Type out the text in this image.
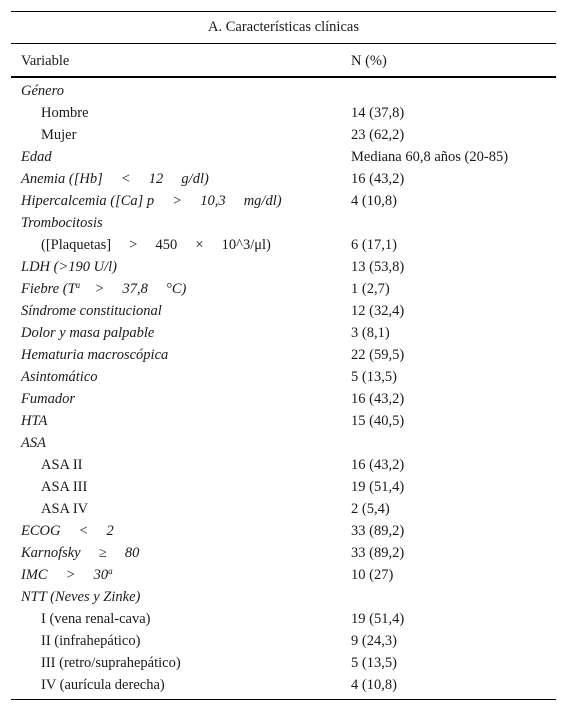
A. Características clínicas
Variable	N (%)
Género
Hombre	14 (37,8)
Mujer	23 (62,2)
Edad	Mediana 60,8 años (20-85)
Anemia ([Hb]     <     12     g/dl)	16 (43,2)
Hipercalcemia ([Ca] p     >     10,3     mg/dl)	4 (10,8)
Trombocitosis
([Plaquetas]     >     450     ×     10^3/μl)	6 (17,1)
LDH (>190 U/l)	13 (53,8)
Fiebre ($T^a$    >     37,8     °C)	1 (2,7)
Síndrome constitucional	12 (32,4)
Dolor y masa palpable	3 (8,1)
Hematuria macroscópica	22 (59,5)
Asintomático	5 (13,5)
Fumador	16 (43,2)
HTA	15 (40,5)
ASA
ASA II	16 (43,2)
ASA III	19 (51,4)
ASA IV	2 (5,4)
ECOG     <     2	33 (89,2)
Karnofsky     ≥     80	33 (89,2)
IMC     >     30$^a$	10 (27)
NTT (Neves y Zinke)
I (vena renal-cava)	19 (51,4)
II (infrahepático)	9 (24,3)
III (retro/suprahepático)	5 (13,5)
IV (aurícula derecha)	4 (10,8)
